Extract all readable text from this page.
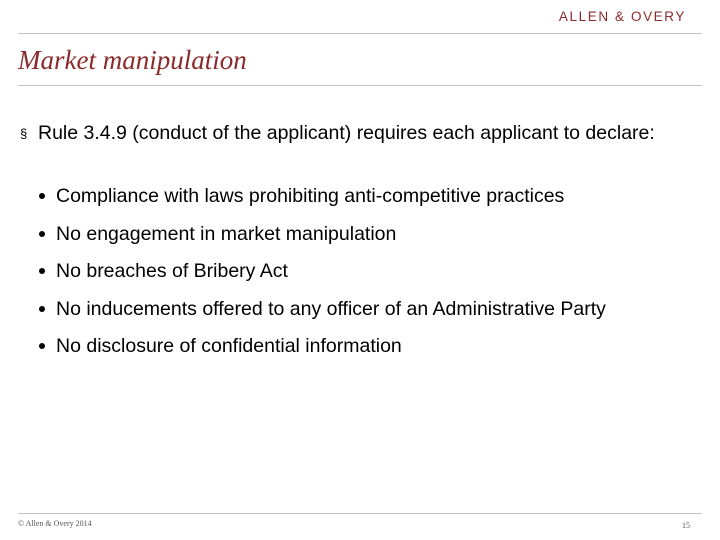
ALLEN & OVERY
Market manipulation
§ Rule 3.4.9 (conduct of the applicant) requires each applicant to declare:
Compliance with laws prohibiting anti-competitive practices
No engagement in market manipulation
No breaches of Bribery Act
No inducements offered to any officer of an Administrative Party
No disclosure of confidential information
© Allen & Overy 2014	15
